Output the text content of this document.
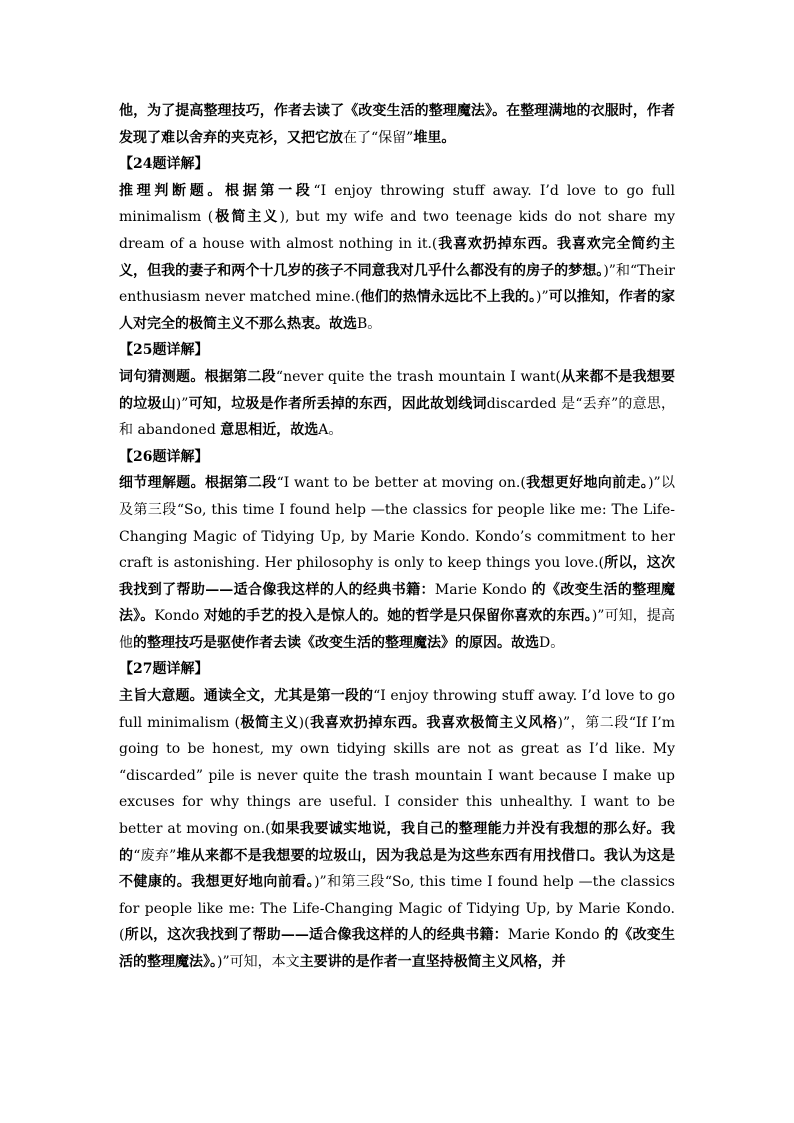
他，为了提高整理技巧，作者去读了《改变生活的整理魔法》。在整理满地的衣服时，作者发现了难以舍弃的夹克衫，又把它放在了“保留”堆里。

【24题详解】

推理判断题。根据第一段“I enjoy throwing stuff away. I’d love to go full minimalism (极简主义), but my wife and two teenage kids do not share my dream of a house with almost nothing in it.(我喜欢扔掉东西。我喜欢完全简约主义，但我的妻子和两个十几岁的孩子不同意我对几乎什么都没有的房子的梦想。)”和“Their enthusiasm never matched mine.(他们的热情永远比不上我的。)”可以推知，作者的家人对完全的极简主义不那么热衷。故选B。

【25题详解】

词句猜测题。根据第二段“never quite the trash mountain I want(从来都不是我想要的垃圾山)”可知，垃圾是作者所丢掉的东西，因此故划线词discarded 是“丢弃”的意思，和 abandoned 意思相近，故选A。

【26题详解】

细节理解题。根据第二段“I want to be better at moving on.(我想更好地向前走。)”以及第三段“So, this time I found help —the classics for people like me: The Life-Changing Magic of Tidying Up, by Marie Kondo. Kondo’s commitment to her craft is astonishing. Her philosophy is only to keep things you love.(所以，这次我找到了帮助——适合像我这样的人的经典书籍：Marie Kondo 的《改变生活的整理魔法》。Kondo 对她的手艺的投入是惊人的。她的哲学是只保留你喜欢的东西。)”可知，提高他的整理技巧是驱使作者去读《改变生活的整理魔法》的原因。故选D。

【27题详解】

主旨大意题。通读全文，尤其是第一段的“I enjoy throwing stuff away. I’d love to go full minimalism (极简主义)(我喜欢扔掉东西。我喜欢极简主义风格)”，第二段“If I’m going to be honest, my own tidying skills are not as great as I’d like. My “discarded” pile is never quite the trash mountain I want because I make up excuses for why things are useful. I consider this unhealthy. I want to be better at moving on.(如果我要诚实地说，我自己的整理能力并没有我想的那么好。我的“废弃”堆从来都不是我想要的垃圾山，因为我总是为这些东西有用找借口。我认为这是不健康的。我想更好地向前看。)”和第三段“So, this time I found help —the classics for people like me: The Life-Changing Magic of Tidying Up, by Marie Kondo.(所以，这次我找到了帮助——适合像我这样的人的经典书籍：Marie Kondo 的《改变生活的整理魔法》。)”可知，本文主要讲的是作者一直坚持极简主义风格，并
